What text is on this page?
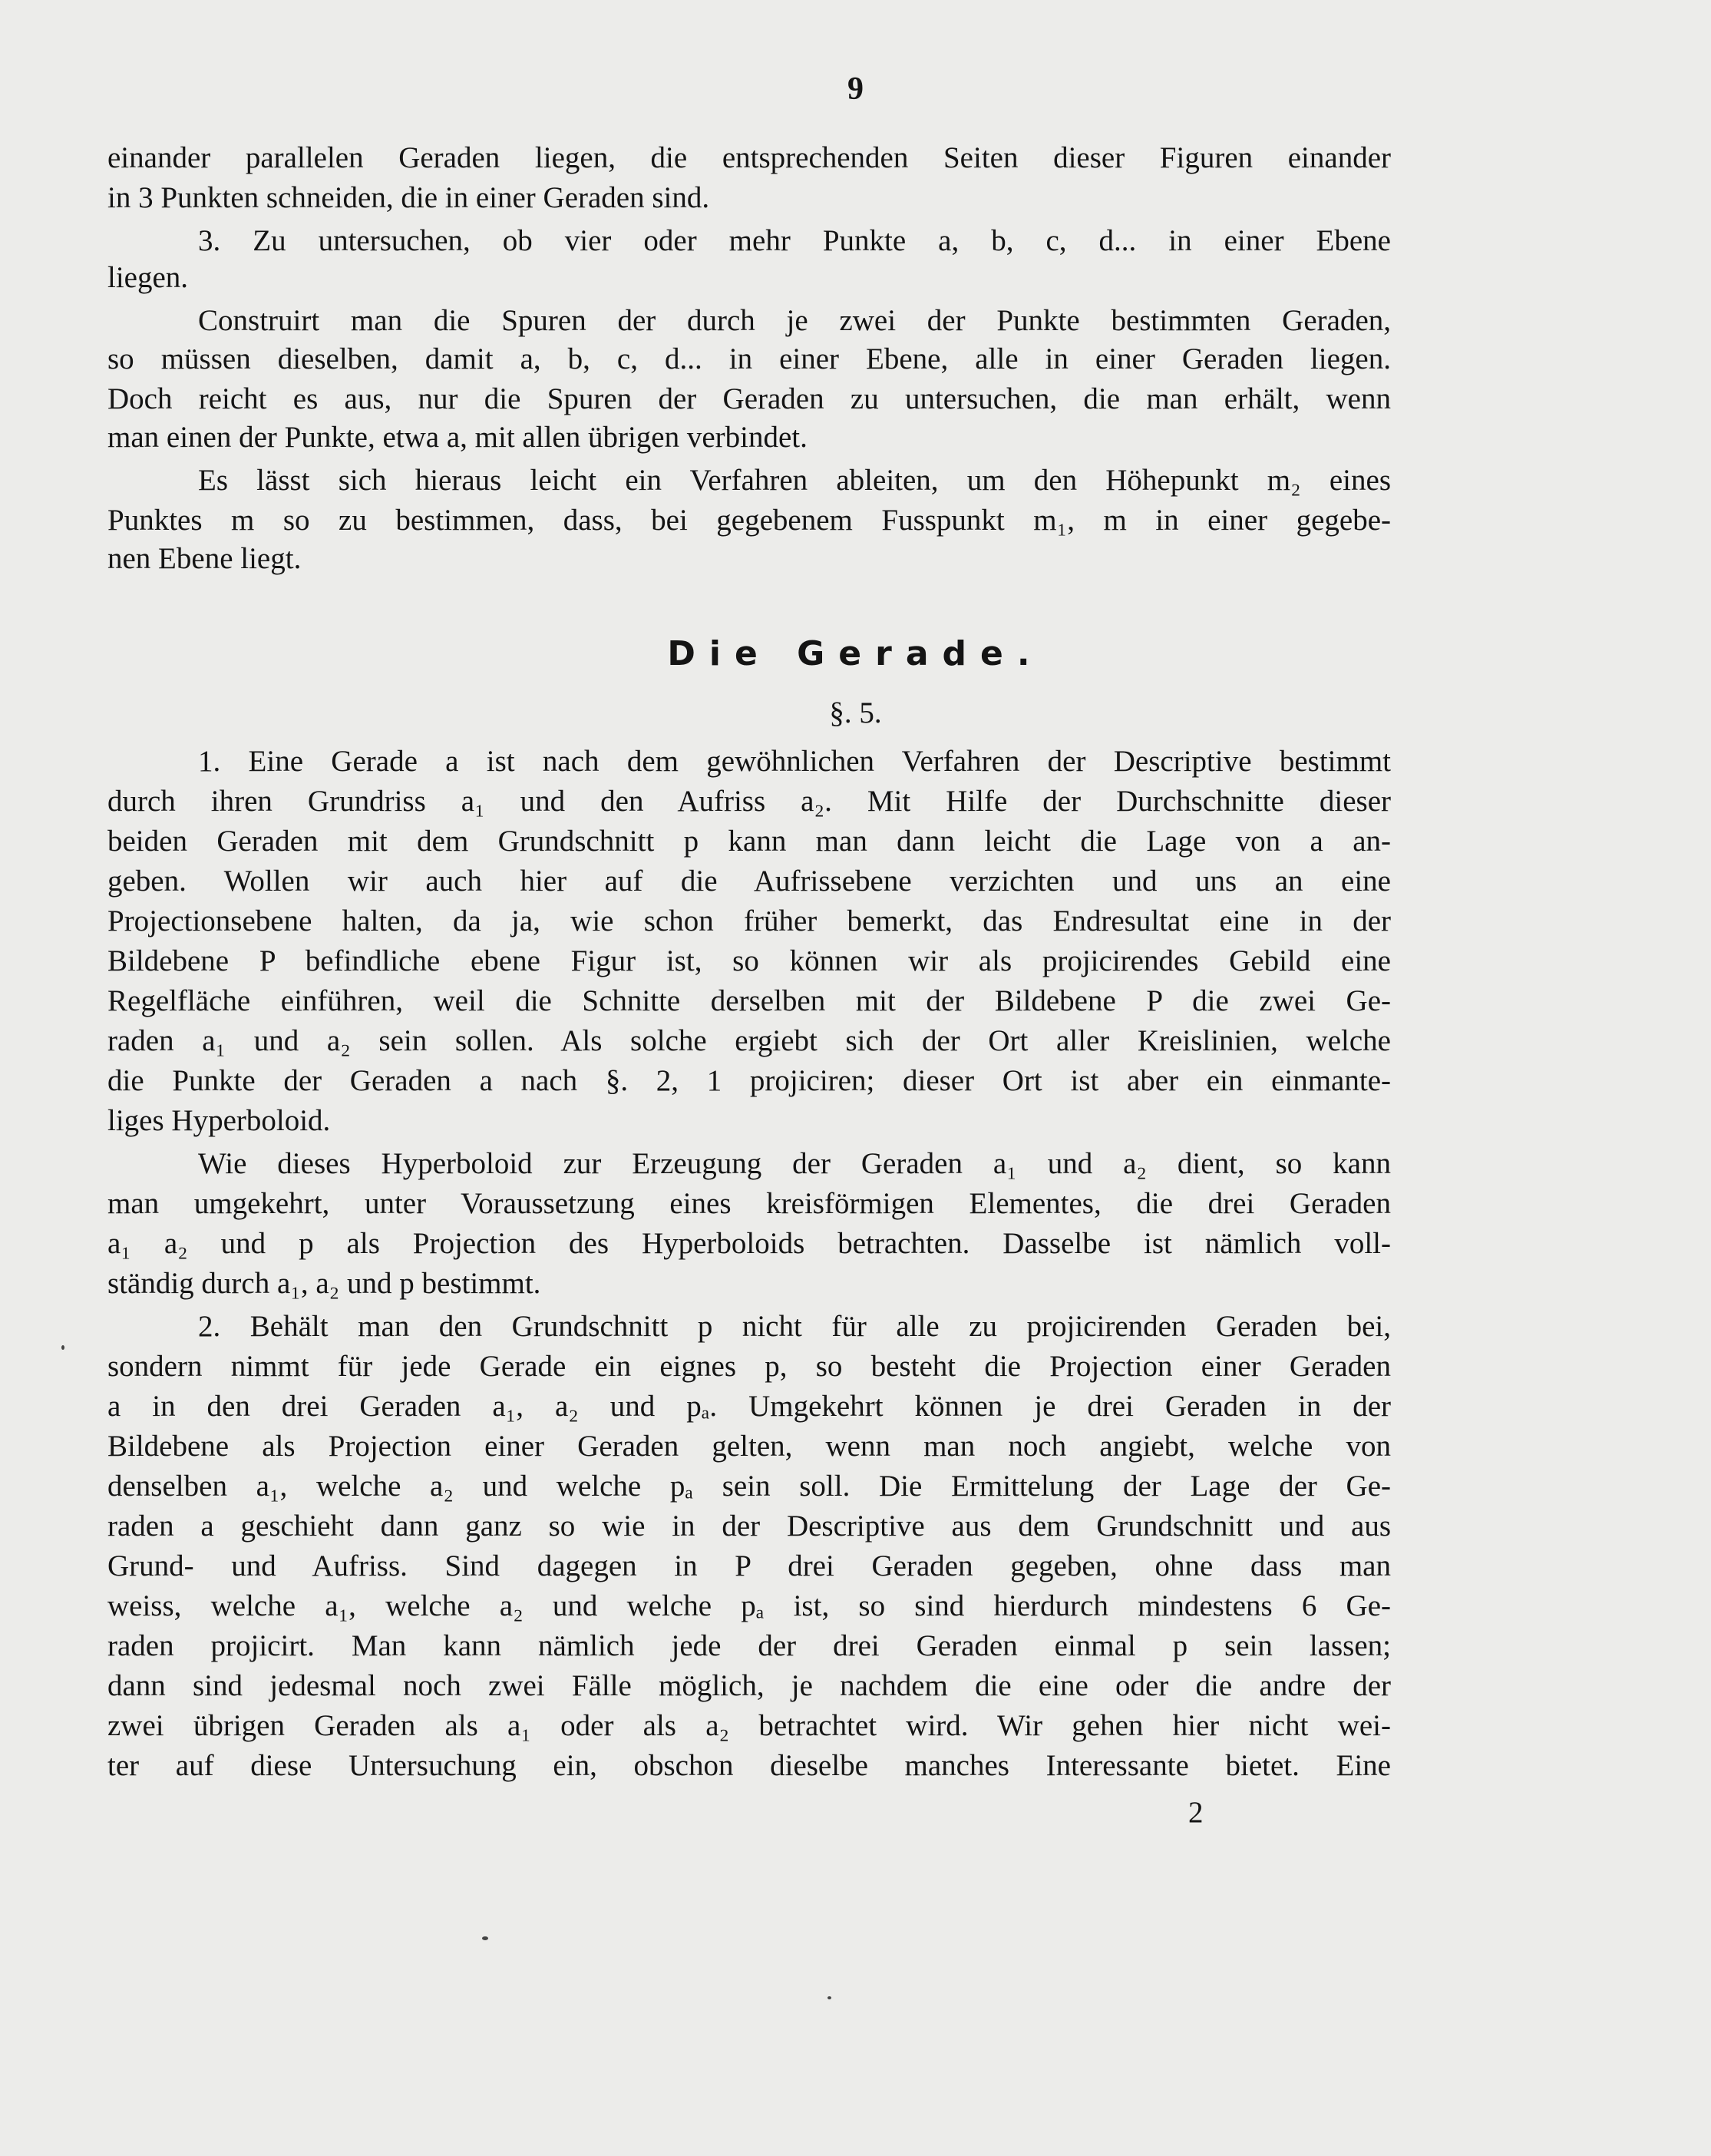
9
einander parallelen Geraden liegen, die entsprechenden Seiten dieser Figuren einander
in 3 Punkten schneiden, die in einer Geraden sind.
3. Zu untersuchen, ob vier oder mehr Punkte a, b, c, d... in einer Ebene
liegen.
Construirt man die Spuren der durch je zwei der Punkte bestimmten Geraden,
so müssen dieselben, damit a, b, c, d... in einer Ebene, alle in einer Geraden liegen.
Doch reicht es aus, nur die Spuren der Geraden zu untersuchen, die man erhält, wenn
man einen der Punkte, etwa a, mit allen übrigen verbindet.
Es lässt sich hieraus leicht ein Verfahren ableiten, um den Höhepunkt m₂ eines
Punktes m so zu bestimmen, dass, bei gegebenem Fusspunkt m₁, m in einer gegebe-
nen Ebene liegt.
Die Gerade.
§. 5.
1. Eine Gerade a ist nach dem gewöhnlichen Verfahren der Descriptive bestimmt
durch ihren Grundriss a₁ und den Aufriss a₂. Mit Hilfe der Durchschnitte dieser
beiden Geraden mit dem Grundschnitt p kann man dann leicht die Lage von a an-
geben. Wollen wir auch hier auf die Aufrissebene verzichten und uns an eine
Projectionsebene halten, da ja, wie schon früher bemerkt, das Endresultat eine in der
Bildebene P befindliche ebene Figur ist, so können wir als projicirendes Gebild eine
Regelfläche einführen, weil die Schnitte derselben mit der Bildebene P die zwei Ge-
raden a₁ und a₂ sein sollen. Als solche ergiebt sich der Ort aller Kreislinien, welche
die Punkte der Geraden a nach §. 2, 1 projiciren; dieser Ort ist aber ein einmante-
liges Hyperboloid.
Wie dieses Hyperboloid zur Erzeugung der Geraden a₁ und a₂ dient, so kann
man umgekehrt, unter Voraussetzung eines kreisförmigen Elementes, die drei Geraden
a₁ a₂ und p als Projection des Hyperboloids betrachten. Dasselbe ist nämlich voll-
ständig durch a₁, a₂ und p bestimmt.
2. Behält man den Grundschnitt p nicht für alle zu projicirenden Geraden bei,
sondern nimmt für jede Gerade ein eignes p, so besteht die Projection einer Geraden
a in den drei Geraden a₁, a₂ und pₐ. Umgekehrt können je drei Geraden in der
Bildebene als Projection einer Geraden gelten, wenn man noch angiebt, welche von
denselben a₁, welche a₂ und welche pₐ sein soll. Die Ermittelung der Lage der Ge-
raden a geschieht dann ganz so wie in der Descriptive aus dem Grundschnitt und aus
Grund- und Aufriss. Sind dagegen in P drei Geraden gegeben, ohne dass man
weiss, welche a₁, welche a₂ und welche pₐ ist, so sind hierdurch mindestens 6 Ge-
raden projicirt. Man kann nämlich jede der drei Geraden einmal p sein lassen;
dann sind jedesmal noch zwei Fälle möglich, je nachdem die eine oder die andre der
zwei übrigen Geraden als a₁ oder als a₂ betrachtet wird. Wir gehen hier nicht wei-
ter auf diese Untersuchung ein, obschon dieselbe manches Interessante bietet. Eine
2
